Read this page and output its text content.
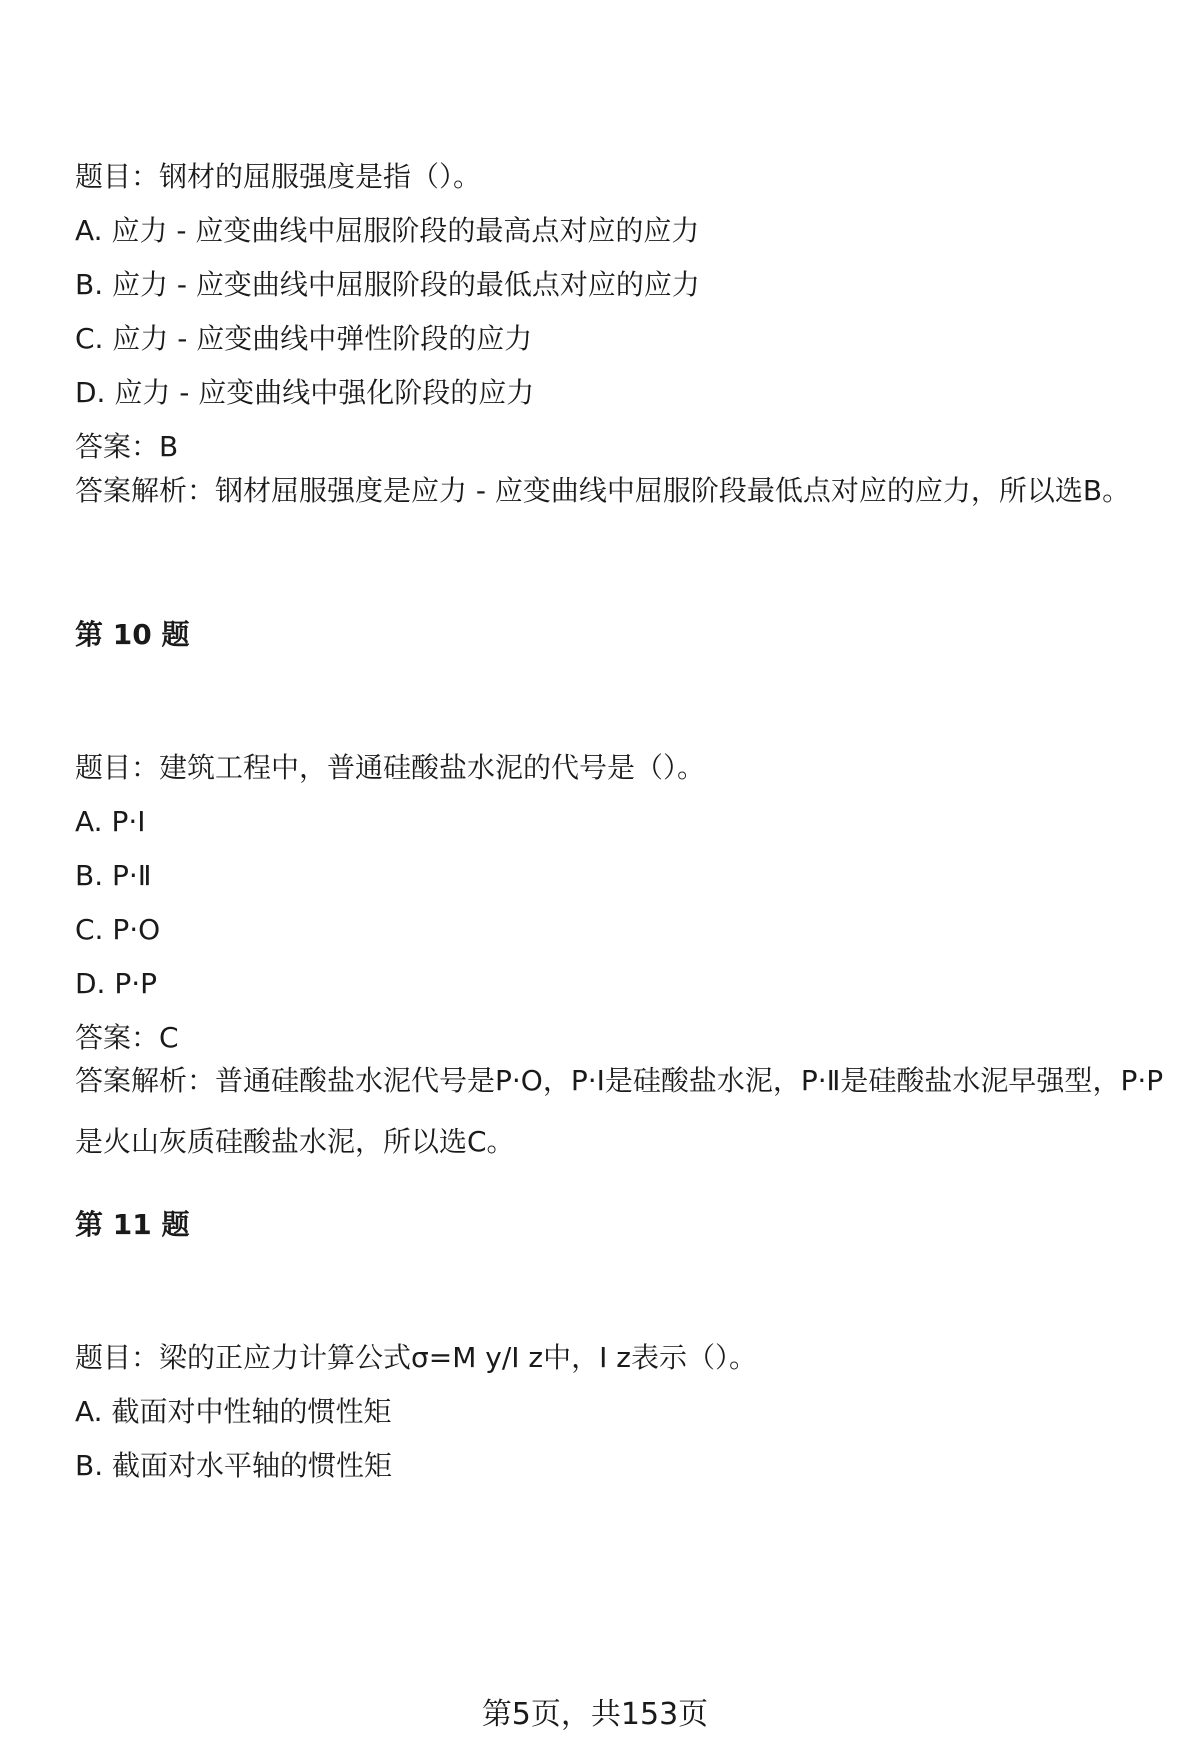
题目：钢材的屈服强度是指（）。
A. 应力 - 应变曲线中屈服阶段的最高点对应的应力
B. 应力 - 应变曲线中屈服阶段的最低点对应的应力
C. 应力 - 应变曲线中弹性阶段的应力
D. 应力 - 应变曲线中强化阶段的应力
答案：B
答案解析：钢材屈服强度是应力 - 应变曲线中屈服阶段最低点对应的应力，所以选B。
第 10 题
题目：建筑工程中，普通硅酸盐水泥的代号是（）。
A. P·I
B. P·Ⅱ
C. P·O
D. P·P
答案：C
答案解析：普通硅酸盐水泥代号是P·O，P·I是硅酸盐水泥，P·Ⅱ是硅酸盐水泥早强型，P·P是火山灰质硅酸盐水泥，所以选C。
第 11 题
题目：梁的正应力计算公式σ=M y/I z中，I z表示（）。
A. 截面对中性轴的惯性矩
B. 截面对水平轴的惯性矩
第5页，共153页
